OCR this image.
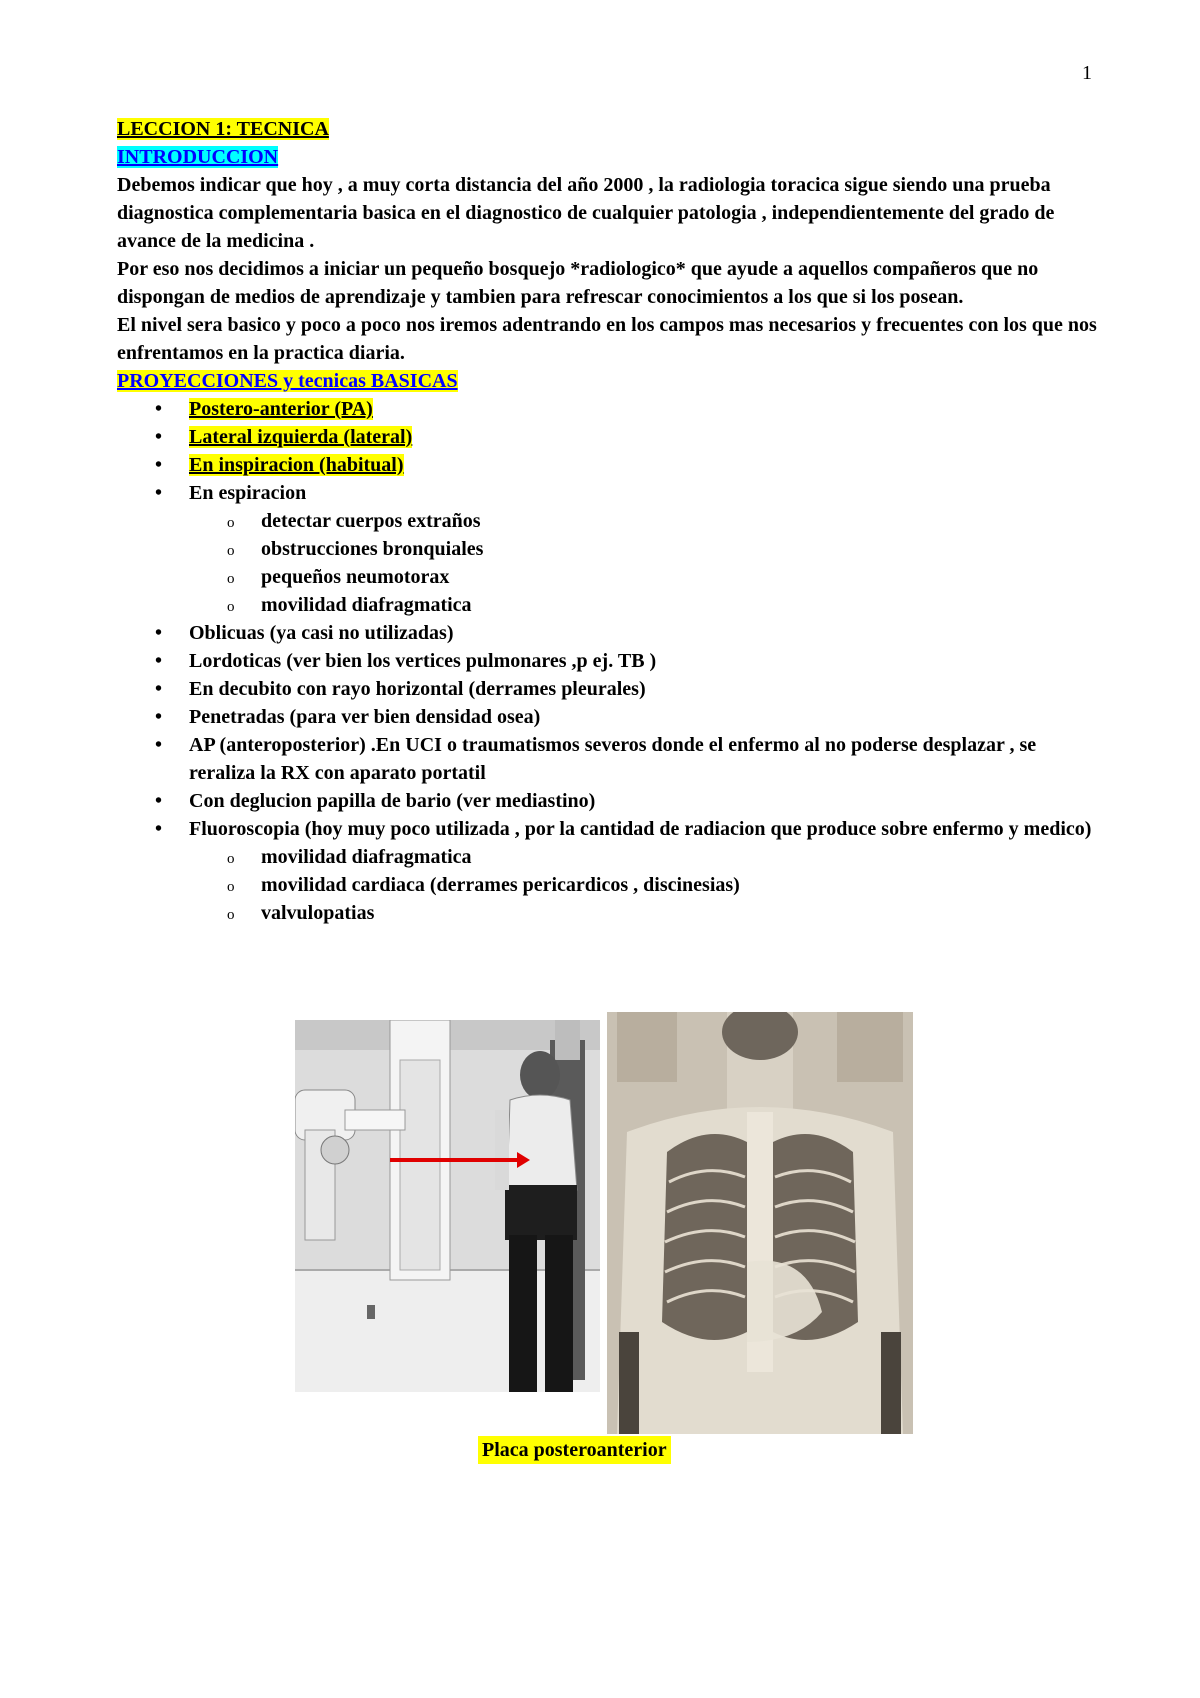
1

LECCION 1: TECNICA

INTRODUCCION

Debemos indicar que hoy , a muy corta distancia del año 2000 , la radiologia toracica sigue siendo una prueba diagnostica complementaria basica en el diagnostico de cualquier patologia , independientemente del grado de avance de la medicina .

Por eso nos decidimos a iniciar un pequeño bosquejo *radiologico* que ayude a aquellos compañeros que no dispongan de medios de aprendizaje y tambien para refrescar conocimientos a los que si los posean.

El nivel sera basico y poco a poco nos iremos adentrando en los campos mas necesarios y frecuentes con los que nos enfrentamos en la practica diaria.

PROYECCIONES y tecnicas BASICAS

• Postero-anterior (PA)
• Lateral izquierda (lateral)
• En inspiracion (habitual)
• En espiracion
o detectar cuerpos extraños
o obstrucciones bronquiales
o pequeños neumotorax
o movilidad diafragmatica
• Oblicuas (ya casi no utilizadas)
• Lordoticas (ver bien los vertices pulmonares ,p ej. TB )
• En decubito con rayo horizontal (derrames pleurales)
• Penetradas (para ver bien densidad osea)
• AP (anteroposterior) .En UCI o traumatismos severos donde el enfermo al no poderse desplazar , se reraliza la RX con aparato portatil
• Con deglucion papilla de bario (ver mediastino)
• Fluoroscopia (hoy muy poco utilizada , por la cantidad de radiacion que produce sobre enfermo y medico)
o movilidad diafragmatica
o movilidad cardiaca (derrames pericardicos , discinesias)
o valvulopatias
Placa posteroanterior
